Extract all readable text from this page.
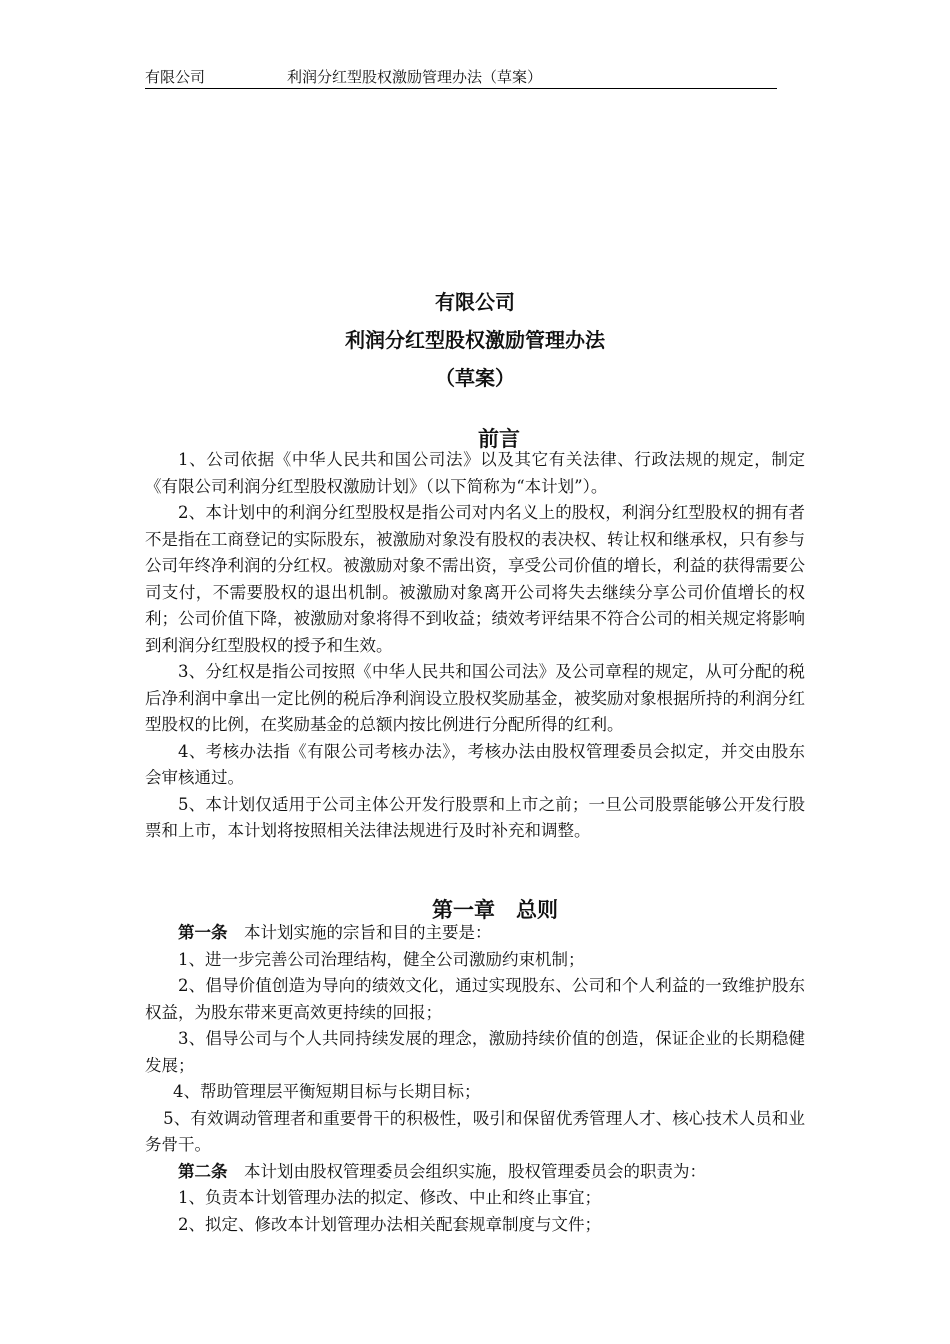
有限公司	利润分红型股权激励管理办法（草案）
有限公司
利润分红型股权激励管理办法
（草案）
前言

1、公司依据《中华人民共和国公司法》以及其它有关法律、行政法规的规定，制定《有限公司利润分红型股权激励计划》（以下简称为“本计划”）。

2、本计划中的利润分红型股权是指公司对内名义上的股权，利润分红型股权的拥有者不是指在工商登记的实际股东，被激励对象没有股权的表决权、转让权和继承权，只有参与公司年终净利润的分红权。被激励对象不需出资，享受公司价值的增长，利益的获得需要公司支付，不需要股权的退出机制。被激励对象离开公司将失去继续分享公司价值增长的权利；公司价值下降，被激励对象将得不到收益；绩效考评结果不符合公司的相关规定将影响到利润分红型股权的授予和生效。

3、分红权是指公司按照《中华人民共和国公司法》及公司章程的规定，从可分配的税后净利润中拿出一定比例的税后净利润设立股权奖励基金，被奖励对象根据所持的利润分红型股权的比例，在奖励基金的总额内按比例进行分配所得的红利。

4、考核办法指《有限公司考核办法》，考核办法由股权管理委员会拟定，并交由股东会审核通过。

5、本计划仅适用于公司主体公开发行股票和上市之前；一旦公司股票能够公开发行股票和上市，本计划将按照相关法律法规进行及时补充和调整。

第一章　总则

第一条　本计划实施的宗旨和目的主要是：

1、进一步完善公司治理结构，健全公司激励约束机制；

2、倡导价值创造为导向的绩效文化，通过实现股东、公司和个人利益的一致维护股东权益，为股东带来更高效更持续的回报；

3、倡导公司与个人共同持续发展的理念，激励持续价值的创造，保证企业的长期稳健发展；

4、帮助管理层平衡短期目标与长期目标；

5、有效调动管理者和重要骨干的积极性，吸引和保留优秀管理人才、核心技术人员和业务骨干。

第二条　本计划由股权管理委员会组织实施，股权管理委员会的职责为：

1、负责本计划管理办法的拟定、修改、中止和终止事宜；

2、拟定、修改本计划管理办法相关配套规章制度与文件；
